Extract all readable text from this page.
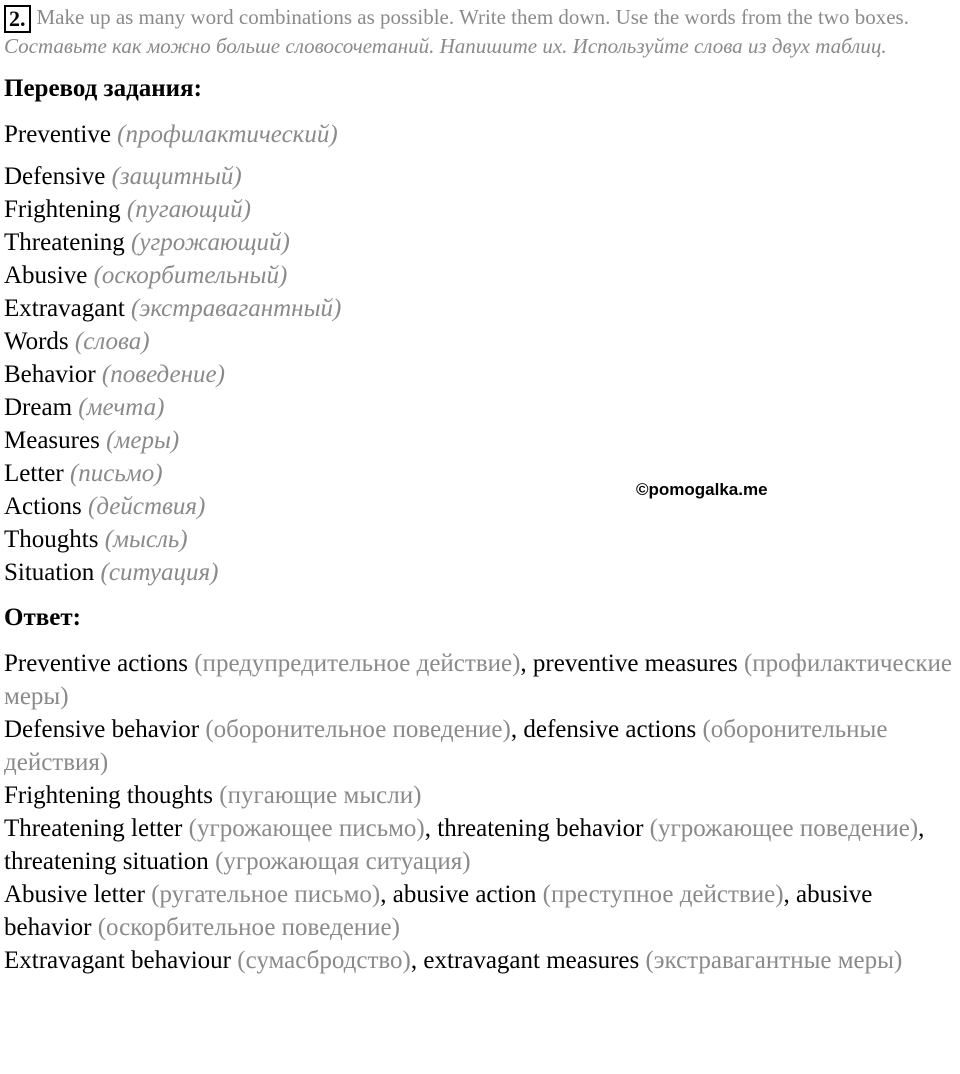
2. Make up as many word combinations as possible. Write them down. Use the words from the two boxes.
Составьте как можно больше словосочетаний. Напишите их. Используйте слова из двух таблиц.
Перевод задания:
Preventive (профилактический)
Defensive (защитный)
Frightening (пугающий)
Threatening (угрожающий)
Abusive (оскорбительный)
Extravagant (экстравагантный)
Words (слова)
Behavior (поведение)
Dream (мечта)
Measures (меры)
Letter (письмо)
Actions (действия)
Thoughts (мысль)
Situation (ситуация)
Ответ:
Preventive actions (предупредительное действие), preventive measures (профилактические меры)
Defensive behavior (оборонительное поведение), defensive actions (оборонительные действия)
Frightening thoughts (пугающие мысли)
Threatening letter (угрожающее письмо), threatening behavior (угрожающее поведение), threatening situation (угрожающая ситуация)
Abusive letter (ругательное письмо), abusive action (преступное действие), abusive behavior (оскорбительное поведение)
Extravagant behaviour (сумасбродство), extravagant measures (экстравагантные меры)
©pomogalka.me
